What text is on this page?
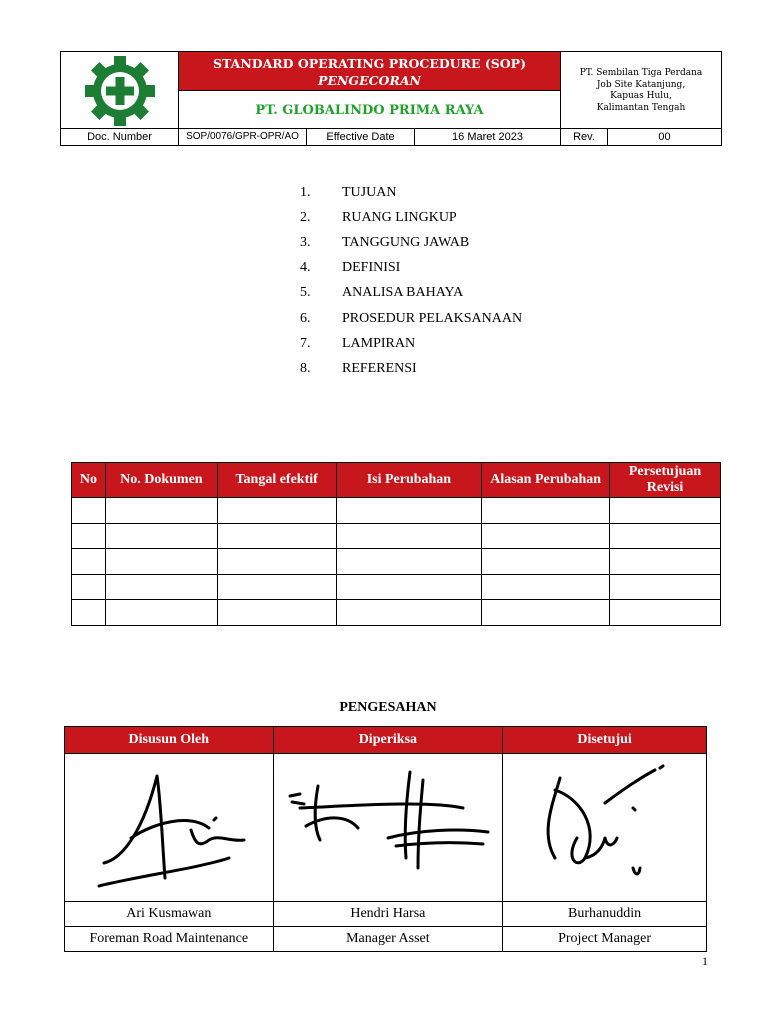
STANDARD OPERATING PROCEDURE (SOP)
PENGECORAN
PT. GLOBALINDO PRIMA RAYA
PT. Sembilan Tiga Perdana
Job Site Katanjung,
Kapuas Hulu,
Kalimantan Tengah
Doc. Number	SOP/0076/GPR-OPR/AO	Effective Date	16 Maret 2023	Rev.	00
1.	TUJUAN
2.	RUANG LINGKUP
3.	TANGGUNG JAWAB
4.	DEFINISI
5.	ANALISA BAHAYA
6.	PROSEDUR PELAKSANAAN
7.	LAMPIRAN
8.	REFERENSI
No	No. Dokumen	Tangal efektif	Isi Perubahan	Alasan Perubahan	Persetujuan Revisi

PENGESAHAN
Disusun Oleh	Diperiksa	Disetujui

Ari Kusmawan	Hendri Harsa	Burhanuddin
Foreman Road Maintenance	Manager Asset	Project Manager
1
